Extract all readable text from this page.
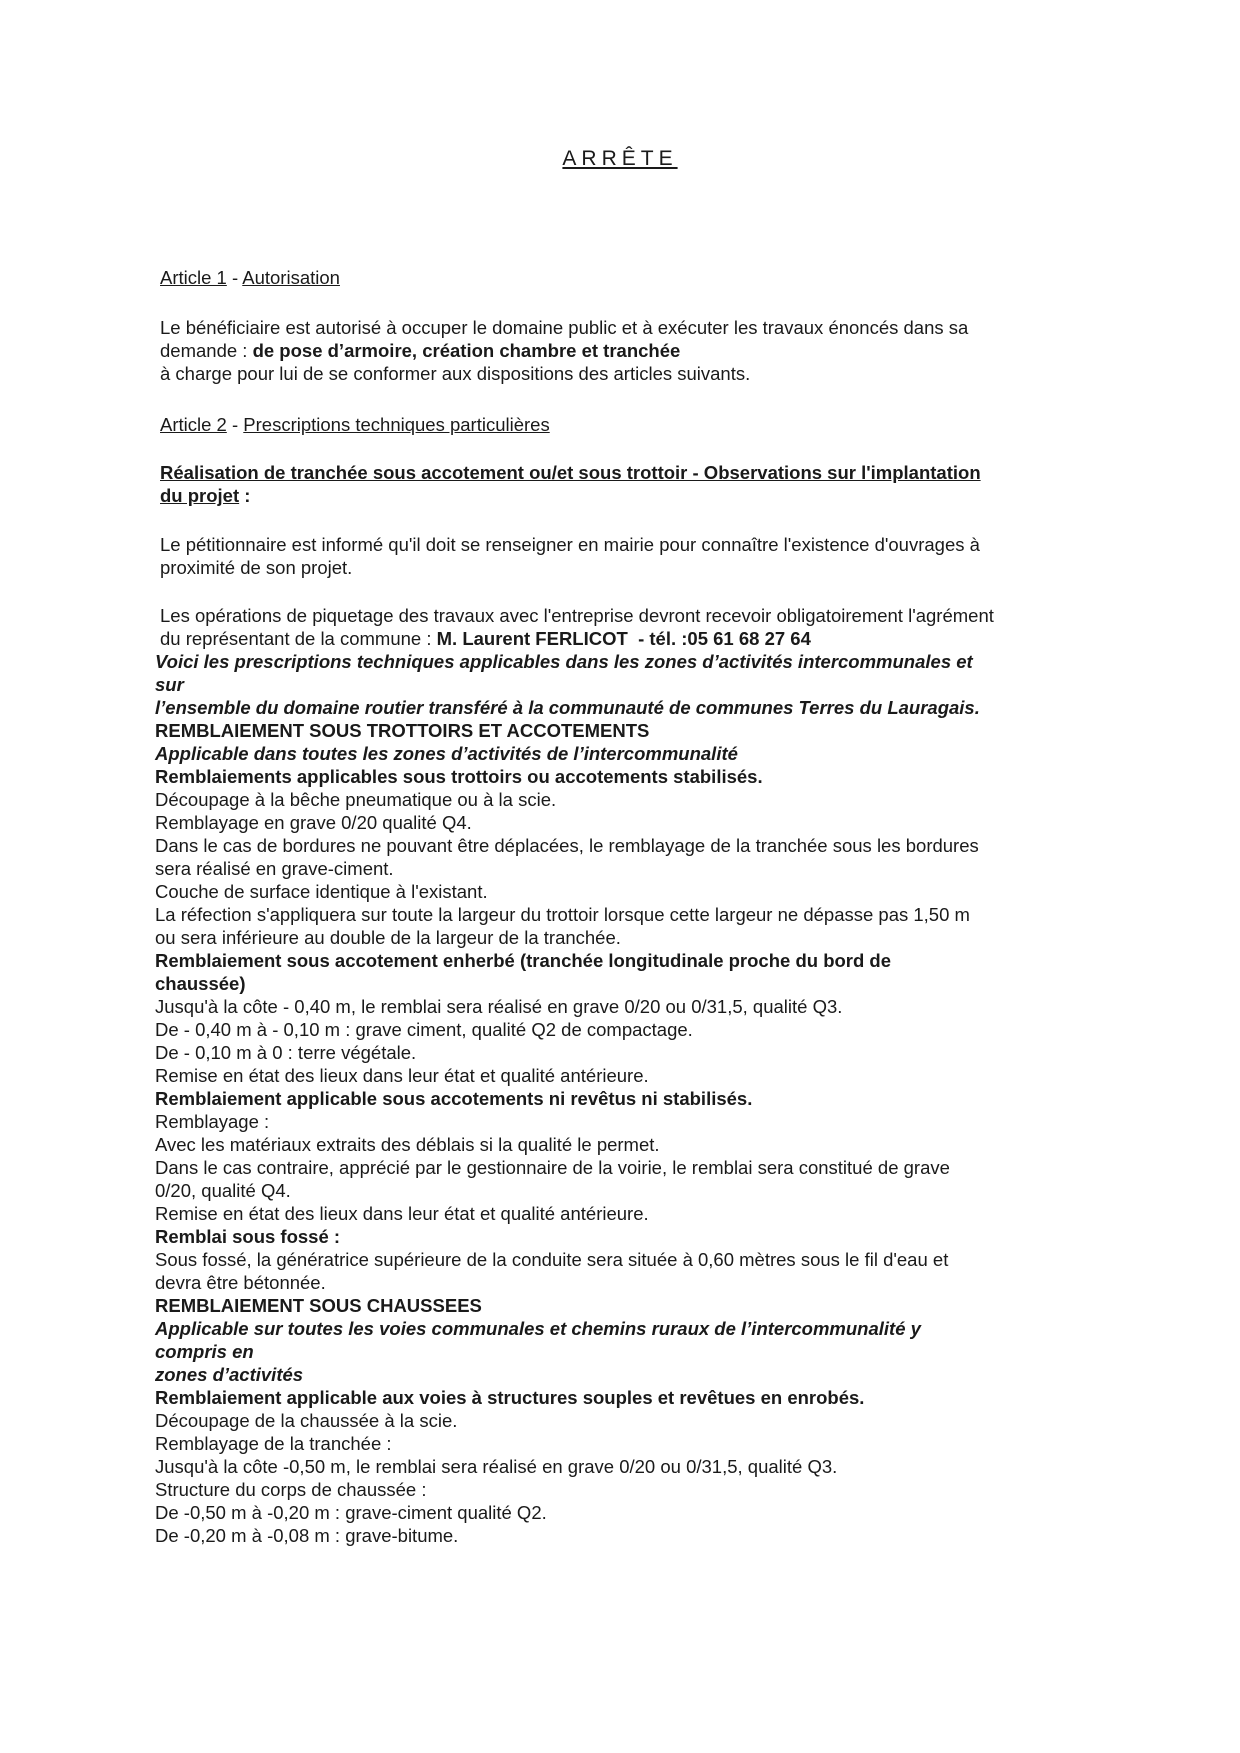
ARRÊTE
Article 1 - Autorisation
Le bénéficiaire est autorisé à occuper le domaine public et à exécuter les travaux énoncés dans sa
demande : de pose d’armoire, création chambre et tranchée
à charge pour lui de se conformer aux dispositions des articles suivants.
Article 2 - Prescriptions techniques particulières
Réalisation de tranchée sous accotement ou/et sous trottoir - Observations sur l'implantation
du projet :
Le pétitionnaire est informé qu'il doit se renseigner en mairie pour connaître l'existence d'ouvrages à
proximité de son projet.
Les opérations de piquetage des travaux avec l'entreprise devront recevoir obligatoirement l'agrément
du représentant de la commune : M. Laurent FERLICOT  - tél. :05 61 68 27 64
Voici les prescriptions techniques applicables dans les zones d’activités intercommunales et
sur
l’ensemble du domaine routier transféré à la communauté de communes Terres du Lauragais.
REMBLAIEMENT SOUS TROTTOIRS ET ACCOTEMENTS
Applicable dans toutes les zones d’activités de l’intercommunalité
Remblaiements applicables sous trottoirs ou accotements stabilisés.
Découpage à la bêche pneumatique ou à la scie.
Remblayage en grave 0/20 qualité Q4.
Dans le cas de bordures ne pouvant être déplacées, le remblayage de la tranchée sous les bordures
sera réalisé en grave-ciment.
Couche de surface identique à l'existant.
La réfection s'appliquera sur toute la largeur du trottoir lorsque cette largeur ne dépasse pas 1,50 m
ou sera inférieure au double de la largeur de la tranchée.
Remblaiement sous accotement enherbé (tranchée longitudinale proche du bord de
chaussée)
Jusqu'à la côte - 0,40 m, le remblai sera réalisé en grave 0/20 ou 0/31,5, qualité Q3.
De - 0,40 m à - 0,10 m : grave ciment, qualité Q2 de compactage.
De - 0,10 m à 0 : terre végétale.
Remise en état des lieux dans leur état et qualité antérieure.
Remblaiement applicable sous accotements ni revêtus ni stabilisés.
Remblayage :
Avec les matériaux extraits des déblais si la qualité le permet.
Dans le cas contraire, apprécié par le gestionnaire de la voirie, le remblai sera constitué de grave
0/20, qualité Q4.
Remise en état des lieux dans leur état et qualité antérieure.
Remblai sous fossé :
Sous fossé, la génératrice supérieure de la conduite sera située à 0,60 mètres sous le fil d'eau et
devra être bétonnée.
REMBLAIEMENT SOUS CHAUSSEES
Applicable sur toutes les voies communales et chemins ruraux de l’intercommunalité y
compris en
zones d’activités
Remblaiement applicable aux voies à structures souples et revêtues en enrobés.
Découpage de la chaussée à la scie.
Remblayage de la tranchée :
Jusqu'à la côte -0,50 m, le remblai sera réalisé en grave 0/20 ou 0/31,5, qualité Q3.
Structure du corps de chaussée :
De -0,50 m à -0,20 m : grave-ciment qualité Q2.
De -0,20 m à -0,08 m : grave-bitume.
